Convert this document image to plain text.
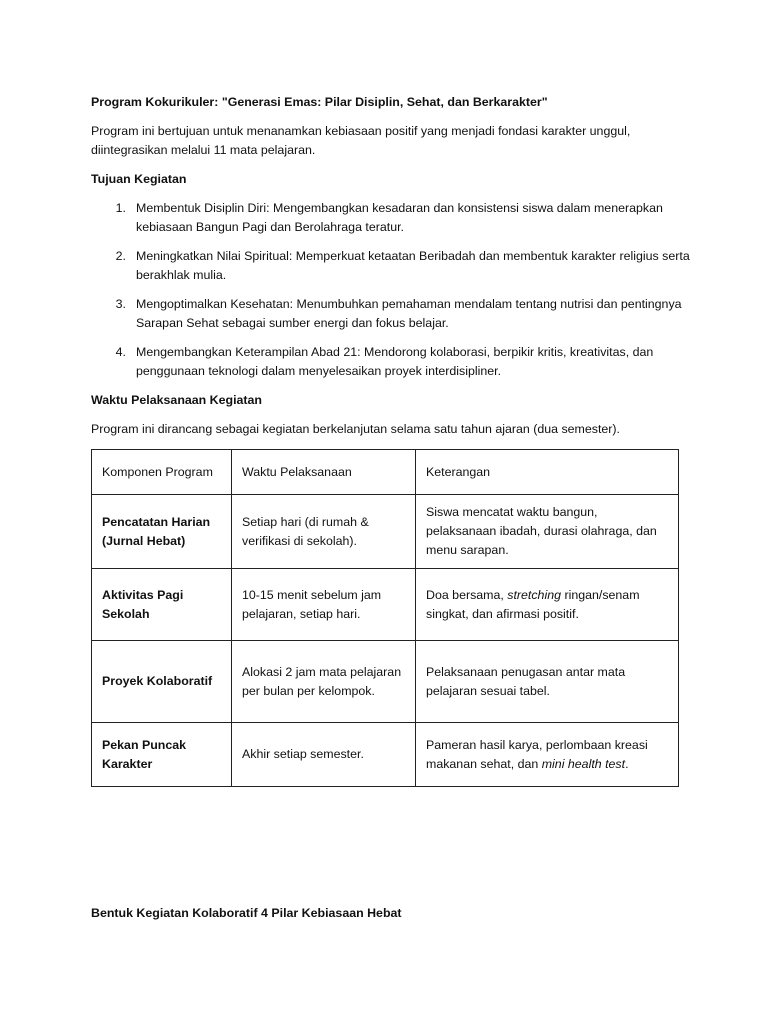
Program Kokurikuler: "Generasi Emas: Pilar Disiplin, Sehat, dan Berkarakter"
Program ini bertujuan untuk menanamkan kebiasaan positif yang menjadi fondasi karakter unggul, diintegrasikan melalui 11 mata pelajaran.
Tujuan Kegiatan
1. Membentuk Disiplin Diri: Mengembangkan kesadaran dan konsistensi siswa dalam menerapkan kebiasaan Bangun Pagi dan Berolahraga teratur.
2. Meningkatkan Nilai Spiritual: Memperkuat ketaatan Beribadah dan membentuk karakter religius serta berakhlak mulia.
3. Mengoptimalkan Kesehatan: Menumbuhkan pemahaman mendalam tentang nutrisi dan pentingnya Sarapan Sehat sebagai sumber energi dan fokus belajar.
4. Mengembangkan Keterampilan Abad 21: Mendorong kolaborasi, berpikir kritis, kreativitas, dan penggunaan teknologi dalam menyelesaikan proyek interdisipliner.
Waktu Pelaksanaan Kegiatan
Program ini dirancang sebagai kegiatan berkelanjutan selama satu tahun ajaran (dua semester).
Komponen Program	Waktu Pelaksanaan	Keterangan
Pencatatan Harian (Jurnal Hebat)	Setiap hari (di rumah & verifikasi di sekolah).	Siswa mencatat waktu bangun, pelaksanaan ibadah, durasi olahraga, dan menu sarapan.
Aktivitas Pagi Sekolah	10-15 menit sebelum jam pelajaran, setiap hari.	Doa bersama, stretching ringan/senam singkat, dan afirmasi positif.
Proyek Kolaboratif	Alokasi 2 jam mata pelajaran per bulan per kelompok.	Pelaksanaan penugasan antar mata pelajaran sesuai tabel.
Pekan Puncak Karakter	Akhir setiap semester.	Pameran hasil karya, perlombaan kreasi makanan sehat, dan mini health test.
Bentuk Kegiatan Kolaboratif 4 Pilar Kebiasaan Hebat
